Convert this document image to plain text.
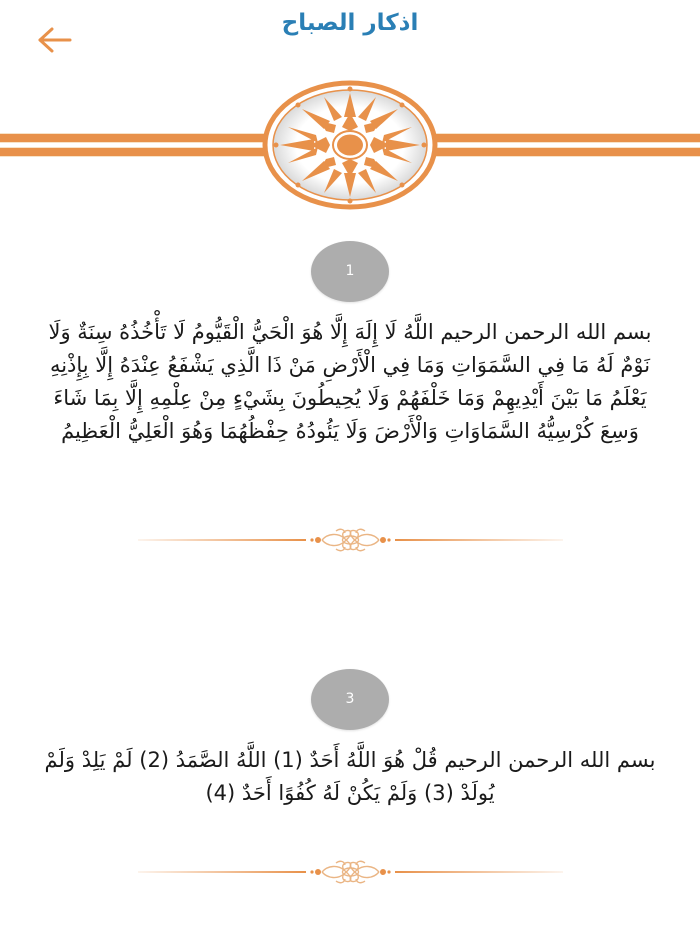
اذكار الصباح
1
بسم الله الرحمن الرحيم اللَّهُ لَا إِلَهَ إِلَّا هُوَ الْحَيُّ الْقَيُّومُ لَا تَأْخُذُهُ سِنَةٌ وَلَا نَوْمٌ لَهُ مَا فِي السَّمَوَاتِ وَمَا فِي الْأَرْضِ مَنْ ذَا الَّذِي يَشْفَعُ عِنْدَهُ إِلَّا بِإِذْنِهِ يَعْلَمُ مَا بَيْنَ أَيْدِيهِمْ وَمَا خَلْفَهُمْ وَلَا يُحِيطُونَ بِشَيْءٍ مِنْ عِلْمِهِ إِلَّا بِمَا شَاءَ وَسِعَ كُرْسِيُّهُ السَّمَاوَاتِ وَالْأَرْضَ وَلَا يَئُودُهُ حِفْظُهُمَا وَهُوَ الْعَلِيُّ الْعَظِيمُ
3
بسم الله الرحمن الرحيم قُلْ هُوَ اللَّهُ أَحَدٌ (1) اللَّهُ الصَّمَدُ (2) لَمْ يَلِدْ وَلَمْ يُولَدْ (3) وَلَمْ يَكُنْ لَهُ كُفُوًا أَحَدٌ (4)
